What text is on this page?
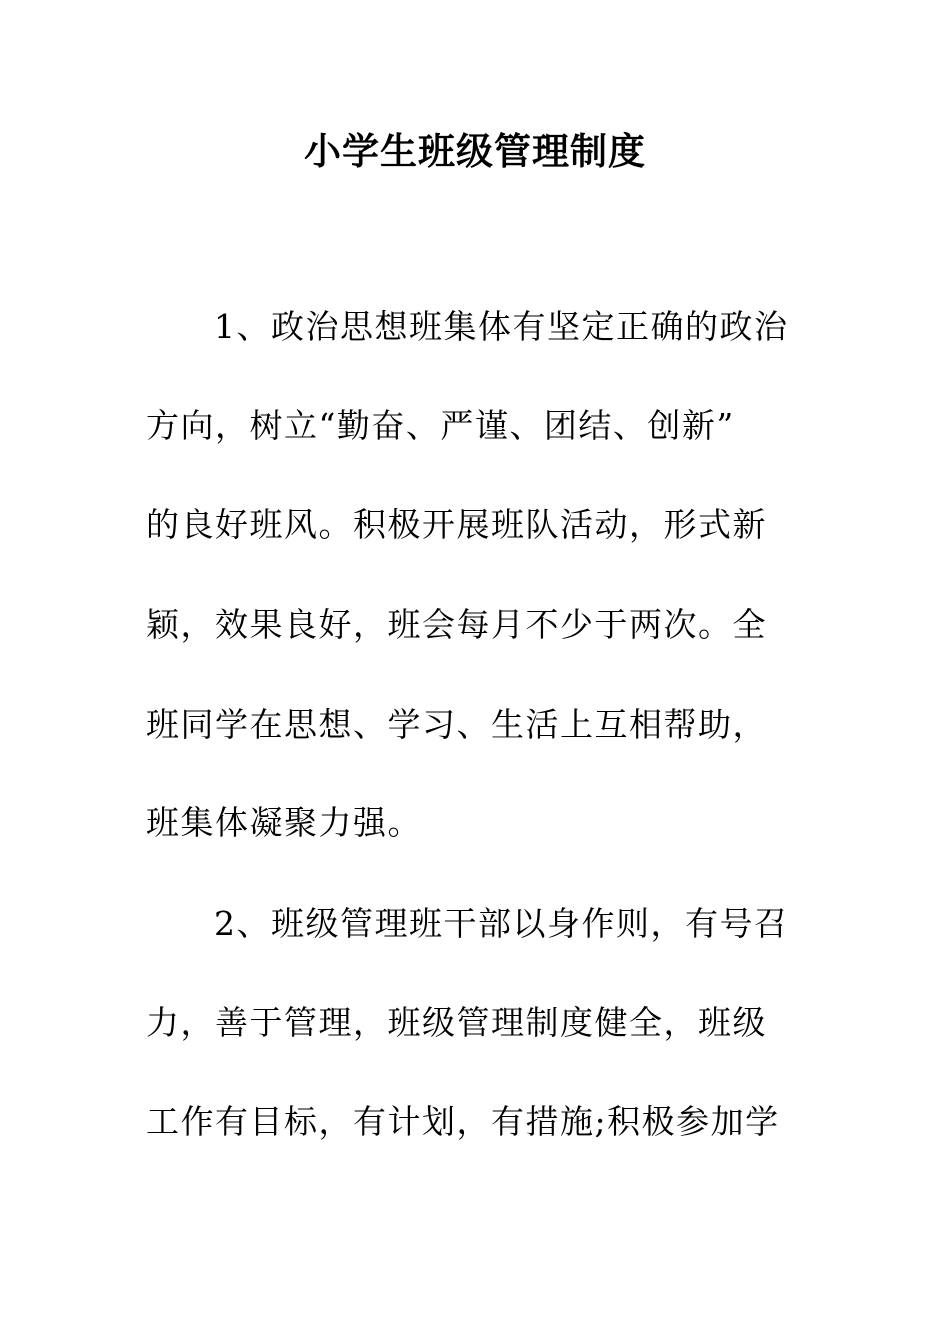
小学生班级管理制度
1、政治思想班集体有坚定正确的政治
方向，树立“勤奋、严谨、团结、创新”
的良好班风。积极开展班队活动，形式新
颖，效果良好，班会每月不少于两次。全
班同学在思想、学习、生活上互相帮助，
班集体凝聚力强。
2、班级管理班干部以身作则，有号召
力，善于管理，班级管理制度健全，班级
工作有目标，有计划，有措施;积极参加学
